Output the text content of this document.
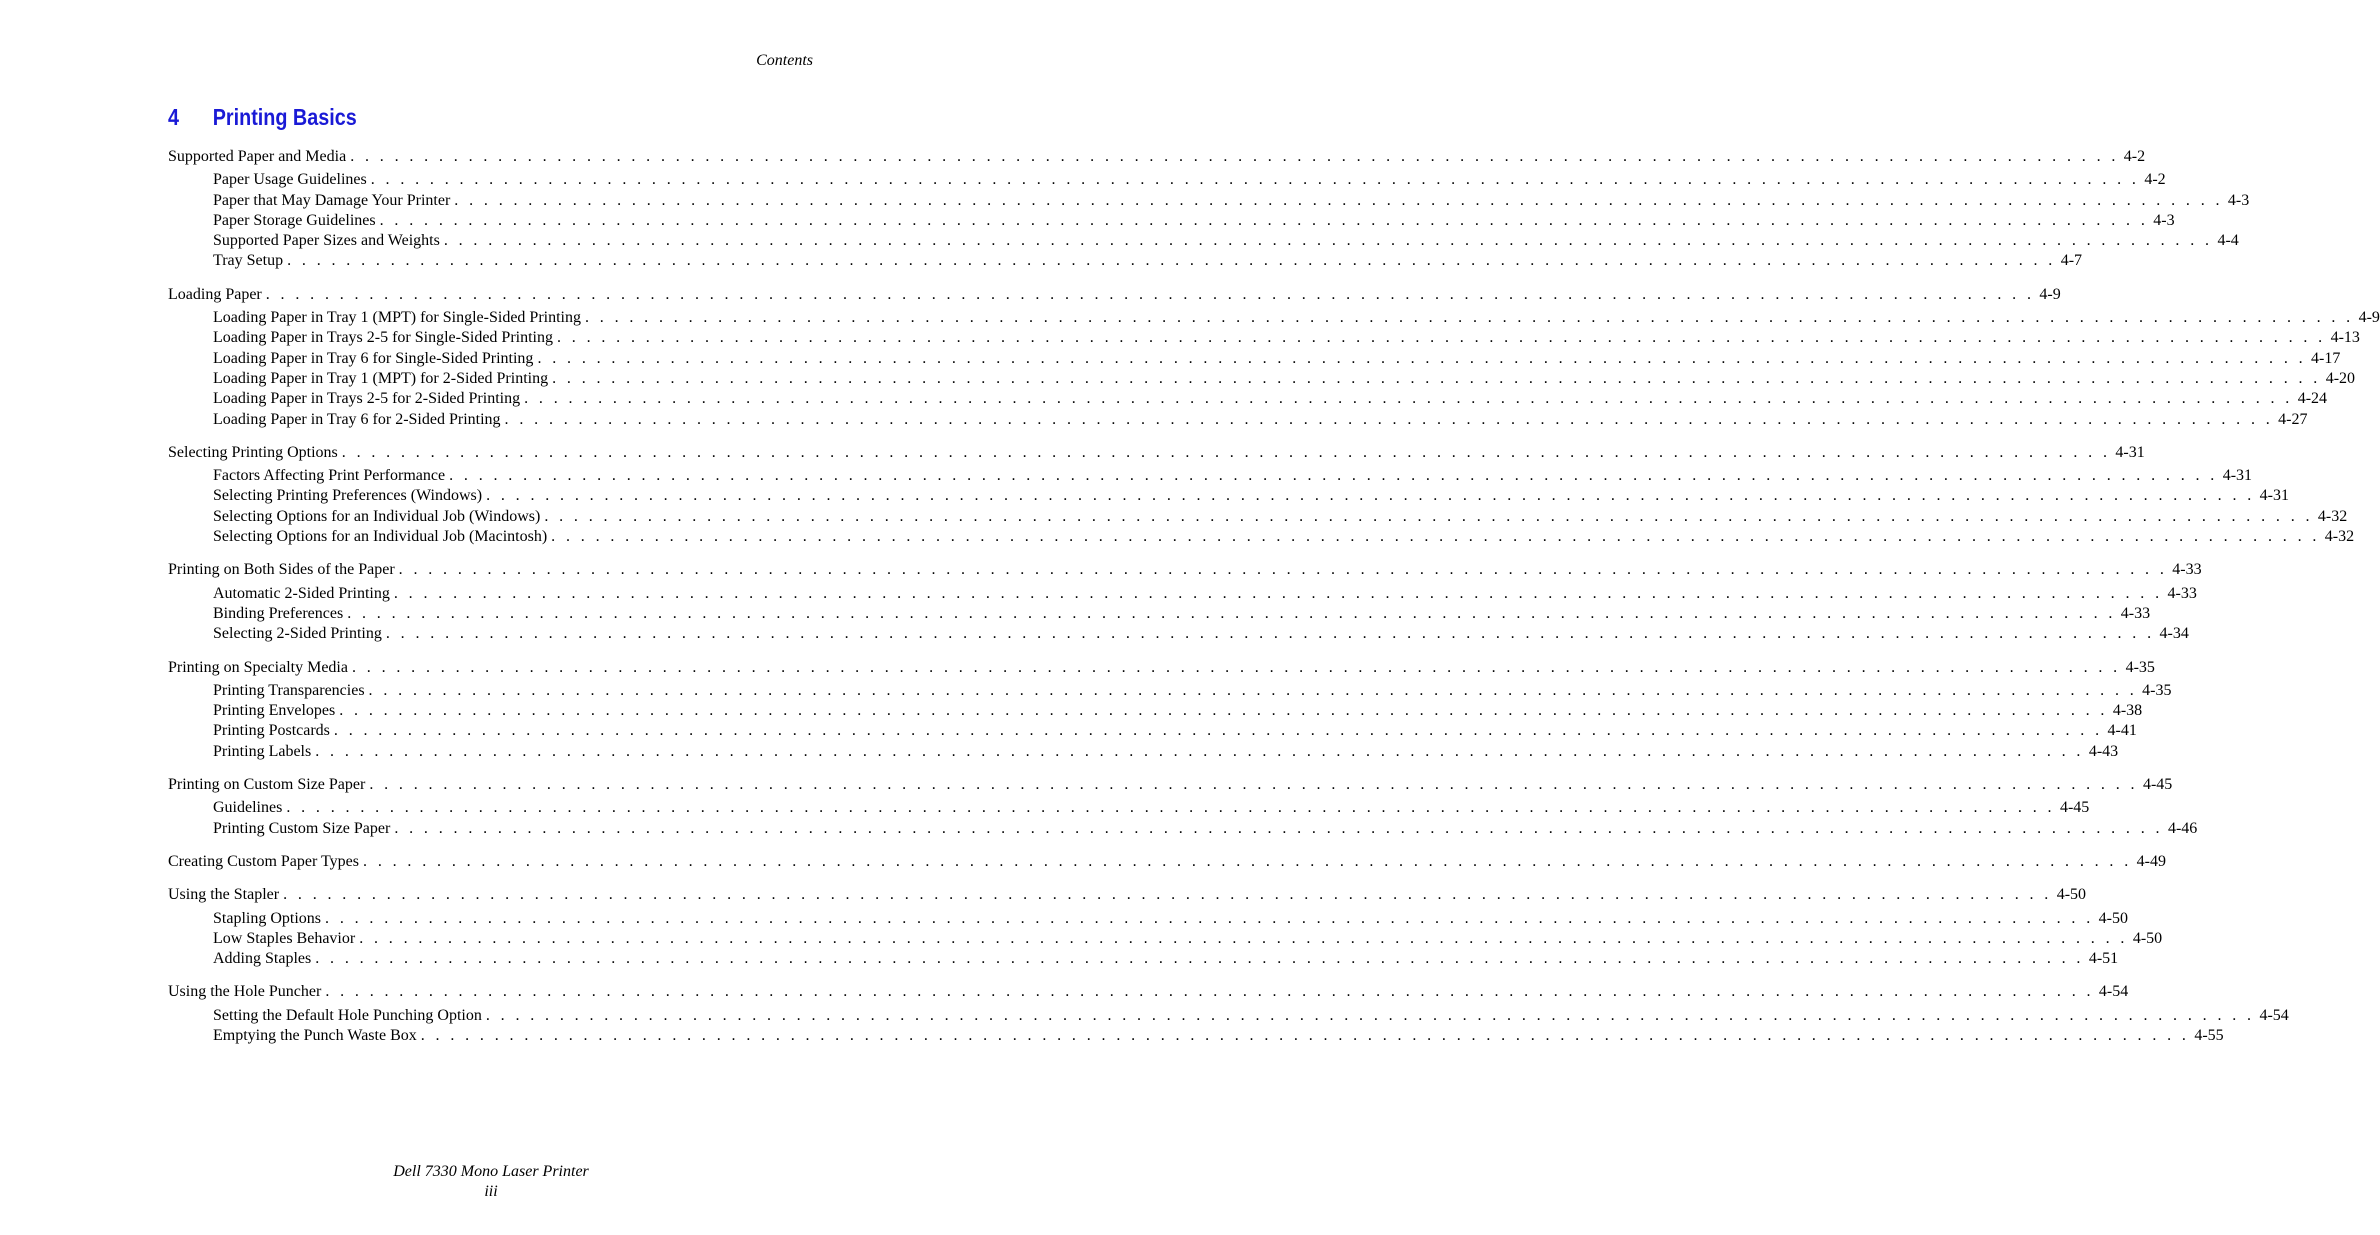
Contents
4 Printing Basics
Supported Paper and Media . . . . . . . . . . . . . . . . . . . . . . . . . . . . . . . . . . . . . . . . . . . . . . . . . . . . . . . . . . . . . . . . . . . . . . . . . . . . . . . . . . . . . . . . . . . . . . . . . . . . . . . . . . . . . . . . . . . . . . . . 4-2
Paper Usage Guidelines . . . . . . . . . . . . . . . . . . . . . . . . . . . . . . . . . . . . . . . . . . . . . . . . . . . . . . . . . . . . . . . . . . . . . . . . . . . . . . . . . . . . . . . . . . . . . . . . . . . . . . . . . . . . . . . . . . . . . . . . 4-2
Paper that May Damage Your Printer . . . . . . . . . . . . . . . . . . . . . . . . . . . . . . . . . . . . . . . . . . . . . . . . . . . . . . . . . . . . . . . . . . . . . . . . . . . . . . . . . . . . . . . . . . . . . . . . . . . . . . . . . . . . . . . . . . . . . . . . 4-3
Paper Storage Guidelines . . . . . . . . . . . . . . . . . . . . . . . . . . . . . . . . . . . . . . . . . . . . . . . . . . . . . . . . . . . . . . . . . . . . . . . . . . . . . . . . . . . . . . . . . . . . . . . . . . . . . . . . . . . . . . . . . . . . . . . . 4-3
Supported Paper Sizes and Weights . . . . . . . . . . . . . . . . . . . . . . . . . . . . . . . . . . . . . . . . . . . . . . . . . . . . . . . . . . . . . . . . . . . . . . . . . . . . . . . . . . . . . . . . . . . . . . . . . . . . . . . . . . . . . . . . . . . . . . . . 4-4
Tray Setup . . . . . . . . . . . . . . . . . . . . . . . . . . . . . . . . . . . . . . . . . . . . . . . . . . . . . . . . . . . . . . . . . . . . . . . . . . . . . . . . . . . . . . . . . . . . . . . . . . . . . . . . . . . . . . . . . . . . . . . . 4-7
Loading Paper . . . . . . . . . . . . . . . . . . . . . . . . . . . . . . . . . . . . . . . . . . . . . . . . . . . . . . . . . . . . . . . . . . . . . . . . . . . . . . . . . . . . . . . . . . . . . . . . . . . . . . . . . . . . . . . . . . . . . . . . 4-9
Loading Paper in Tray 1 (MPT) for Single-Sided Printing . . . . . . . . . . . . . . . . . . . . . . . . . . . . . . . . . . . . . . . . . . . . . . . . . . . . . . . . . . . . . . . . . . . . . . . . . . . . . . . . . . . . . . . . . . . . . . . . . . . . . . . . . . . . . . . . . . . . . . . . 4-9
Loading Paper in Trays 2-5 for Single-Sided Printing . . . . . . . . . . . . . . . . . . . . . . . . . . . . . . . . . . . . . . . . . . . . . . . . . . . . . . . . . . . . . . . . . . . . . . . . . . . . . . . . . . . . . . . . . . . . . . . . . . . . . . . . . . . . . . . . . . . . . . . . 4-13
Loading Paper in Tray 6 for Single-Sided Printing . . . . . . . . . . . . . . . . . . . . . . . . . . . . . . . . . . . . . . . . . . . . . . . . . . . . . . . . . . . . . . . . . . . . . . . . . . . . . . . . . . . . . . . . . . . . . . . . . . . . . . . . . . . . . . . . . . . . . . . . 4-17
Loading Paper in Tray 1 (MPT) for 2-Sided Printing . . . . . . . . . . . . . . . . . . . . . . . . . . . . . . . . . . . . . . . . . . . . . . . . . . . . . . . . . . . . . . . . . . . . . . . . . . . . . . . . . . . . . . . . . . . . . . . . . . . . . . . . . . . . . . . . . . . . . . . . 4-20
Loading Paper in Trays 2-5 for 2-Sided Printing . . . . . . . . . . . . . . . . . . . . . . . . . . . . . . . . . . . . . . . . . . . . . . . . . . . . . . . . . . . . . . . . . . . . . . . . . . . . . . . . . . . . . . . . . . . . . . . . . . . . . . . . . . . . . . . . . . . . . . . . 4-24
Loading Paper in Tray 6 for 2-Sided Printing . . . . . . . . . . . . . . . . . . . . . . . . . . . . . . . . . . . . . . . . . . . . . . . . . . . . . . . . . . . . . . . . . . . . . . . . . . . . . . . . . . . . . . . . . . . . . . . . . . . . . . . . . . . . . . . . . . . . . . . . 4-27
Selecting Printing Options . . . . . . . . . . . . . . . . . . . . . . . . . . . . . . . . . . . . . . . . . . . . . . . . . . . . . . . . . . . . . . . . . . . . . . . . . . . . . . . . . . . . . . . . . . . . . . . . . . . . . . . . . . . . . . . . . . . . . . . . 4-31
Factors Affecting Print Performance . . . . . . . . . . . . . . . . . . . . . . . . . . . . . . . . . . . . . . . . . . . . . . . . . . . . . . . . . . . . . . . . . . . . . . . . . . . . . . . . . . . . . . . . . . . . . . . . . . . . . . . . . . . . . . . . . . . . . . . . 4-31
Selecting Printing Preferences (Windows) . . . . . . . . . . . . . . . . . . . . . . . . . . . . . . . . . . . . . . . . . . . . . . . . . . . . . . . . . . . . . . . . . . . . . . . . . . . . . . . . . . . . . . . . . . . . . . . . . . . . . . . . . . . . . . . . . . . . . . . . 4-31
Selecting Options for an Individual Job (Windows) . . . . . . . . . . . . . . . . . . . . . . . . . . . . . . . . . . . . . . . . . . . . . . . . . . . . . . . . . . . . . . . . . . . . . . . . . . . . . . . . . . . . . . . . . . . . . . . . . . . . . . . . . . . . . . . . . . . . . . . . 4-32
Selecting Options for an Individual Job (Macintosh) . . . . . . . . . . . . . . . . . . . . . . . . . . . . . . . . . . . . . . . . . . . . . . . . . . . . . . . . . . . . . . . . . . . . . . . . . . . . . . . . . . . . . . . . . . . . . . . . . . . . . . . . . . . . . . . . . . . . . . . . 4-32
Printing on Both Sides of the Paper . . . . . . . . . . . . . . . . . . . . . . . . . . . . . . . . . . . . . . . . . . . . . . . . . . . . . . . . . . . . . . . . . . . . . . . . . . . . . . . . . . . . . . . . . . . . . . . . . . . . . . . . . . . . . . . . . . . . . . . . 4-33
Automatic 2-Sided Printing . . . . . . . . . . . . . . . . . . . . . . . . . . . . . . . . . . . . . . . . . . . . . . . . . . . . . . . . . . . . . . . . . . . . . . . . . . . . . . . . . . . . . . . . . . . . . . . . . . . . . . . . . . . . . . . . . . . . . . . . 4-33
Binding Preferences . . . . . . . . . . . . . . . . . . . . . . . . . . . . . . . . . . . . . . . . . . . . . . . . . . . . . . . . . . . . . . . . . . . . . . . . . . . . . . . . . . . . . . . . . . . . . . . . . . . . . . . . . . . . . . . . . . . . . . . . 4-33
Selecting 2-Sided Printing . . . . . . . . . . . . . . . . . . . . . . . . . . . . . . . . . . . . . . . . . . . . . . . . . . . . . . . . . . . . . . . . . . . . . . . . . . . . . . . . . . . . . . . . . . . . . . . . . . . . . . . . . . . . . . . . . . . . . . . . 4-34
Printing on Specialty Media . . . . . . . . . . . . . . . . . . . . . . . . . . . . . . . . . . . . . . . . . . . . . . . . . . . . . . . . . . . . . . . . . . . . . . . . . . . . . . . . . . . . . . . . . . . . . . . . . . . . . . . . . . . . . . . . . . . . . . . . 4-35
Printing Transparencies . . . . . . . . . . . . . . . . . . . . . . . . . . . . . . . . . . . . . . . . . . . . . . . . . . . . . . . . . . . . . . . . . . . . . . . . . . . . . . . . . . . . . . . . . . . . . . . . . . . . . . . . . . . . . . . . . . . . . . . . 4-35
Printing Envelopes . . . . . . . . . . . . . . . . . . . . . . . . . . . . . . . . . . . . . . . . . . . . . . . . . . . . . . . . . . . . . . . . . . . . . . . . . . . . . . . . . . . . . . . . . . . . . . . . . . . . . . . . . . . . . . . . . . . . . . . . 4-38
Printing Postcards . . . . . . . . . . . . . . . . . . . . . . . . . . . . . . . . . . . . . . . . . . . . . . . . . . . . . . . . . . . . . . . . . . . . . . . . . . . . . . . . . . . . . . . . . . . . . . . . . . . . . . . . . . . . . . . . . . . . . . . . 4-41
Printing Labels . . . . . . . . . . . . . . . . . . . . . . . . . . . . . . . . . . . . . . . . . . . . . . . . . . . . . . . . . . . . . . . . . . . . . . . . . . . . . . . . . . . . . . . . . . . . . . . . . . . . . . . . . . . . . . . . . . . . . . . . 4-43
Printing on Custom Size Paper . . . . . . . . . . . . . . . . . . . . . . . . . . . . . . . . . . . . . . . . . . . . . . . . . . . . . . . . . . . . . . . . . . . . . . . . . . . . . . . . . . . . . . . . . . . . . . . . . . . . . . . . . . . . . . . . . . . . . . . . 4-45
Guidelines . . . . . . . . . . . . . . . . . . . . . . . . . . . . . . . . . . . . . . . . . . . . . . . . . . . . . . . . . . . . . . . . . . . . . . . . . . . . . . . . . . . . . . . . . . . . . . . . . . . . . . . . . . . . . . . . . . . . . . . . 4-45
Printing Custom Size Paper . . . . . . . . . . . . . . . . . . . . . . . . . . . . . . . . . . . . . . . . . . . . . . . . . . . . . . . . . . . . . . . . . . . . . . . . . . . . . . . . . . . . . . . . . . . . . . . . . . . . . . . . . . . . . . . . . . . . . . . . 4-46
Creating Custom Paper Types . . . . . . . . . . . . . . . . . . . . . . . . . . . . . . . . . . . . . . . . . . . . . . . . . . . . . . . . . . . . . . . . . . . . . . . . . . . . . . . . . . . . . . . . . . . . . . . . . . . . . . . . . . . . . . . . . . . . . . . . 4-49
Using the Stapler . . . . . . . . . . . . . . . . . . . . . . . . . . . . . . . . . . . . . . . . . . . . . . . . . . . . . . . . . . . . . . . . . . . . . . . . . . . . . . . . . . . . . . . . . . . . . . . . . . . . . . . . . . . . . . . . . . . . . . . . 4-50
Stapling Options . . . . . . . . . . . . . . . . . . . . . . . . . . . . . . . . . . . . . . . . . . . . . . . . . . . . . . . . . . . . . . . . . . . . . . . . . . . . . . . . . . . . . . . . . . . . . . . . . . . . . . . . . . . . . . . . . . . . . . . . 4-50
Low Staples Behavior . . . . . . . . . . . . . . . . . . . . . . . . . . . . . . . . . . . . . . . . . . . . . . . . . . . . . . . . . . . . . . . . . . . . . . . . . . . . . . . . . . . . . . . . . . . . . . . . . . . . . . . . . . . . . . . . . . . . . . . . 4-50
Adding Staples . . . . . . . . . . . . . . . . . . . . . . . . . . . . . . . . . . . . . . . . . . . . . . . . . . . . . . . . . . . . . . . . . . . . . . . . . . . . . . . . . . . . . . . . . . . . . . . . . . . . . . . . . . . . . . . . . . . . . . . . 4-51
Using the Hole Puncher . . . . . . . . . . . . . . . . . . . . . . . . . . . . . . . . . . . . . . . . . . . . . . . . . . . . . . . . . . . . . . . . . . . . . . . . . . . . . . . . . . . . . . . . . . . . . . . . . . . . . . . . . . . . . . . . . . . . . . . . 4-54
Setting the Default Hole Punching Option . . . . . . . . . . . . . . . . . . . . . . . . . . . . . . . . . . . . . . . . . . . . . . . . . . . . . . . . . . . . . . . . . . . . . . . . . . . . . . . . . . . . . . . . . . . . . . . . . . . . . . . . . . . . . . . . . . . . . . . . 4-54
Emptying the Punch Waste Box . . . . . . . . . . . . . . . . . . . . . . . . . . . . . . . . . . . . . . . . . . . . . . . . . . . . . . . . . . . . . . . . . . . . . . . . . . . . . . . . . . . . . . . . . . . . . . . . . . . . . . . . . . . . . . . . . . . . . . . . 4-55
Dell 7330 Mono Laser Printer
iii
